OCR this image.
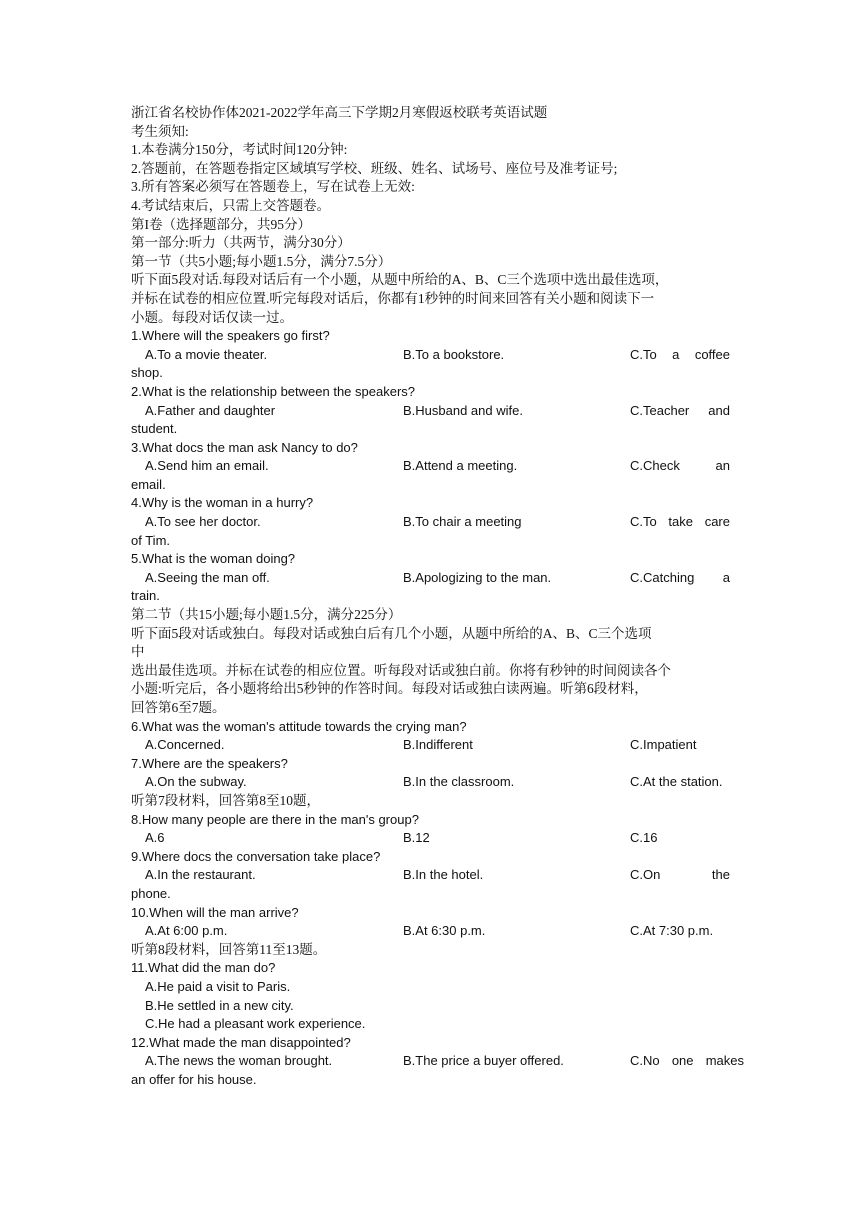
浙江省名校协作体2021-2022学年高三下学期2月寒假返校联考英语试题
考生须知:
1.本卷满分150分，考试时间120分钟:
2.答题前，在答题卷指定区域填写学校、班级、姓名、试场号、座位号及准考证号;
3.所有答案必须写在答题卷上，写在试卷上无效:
4.考试结束后，只需上交答题卷。
第I卷（选择题部分，共95分）
第一部分:听力（共两节，满分30分）
第一节（共5小题;每小题1.5分，满分7.5分）
听下面5段对话.每段对话后有一个小题，从题中所给的A、B、C三个选项中选出最佳选项，
并标在试卷的相应位置.听完每段对话后，你都有1秒钟的时间来回答有关小题和阅读下一
小题。每段对话仅读一过。
1.Where will the speakers go first?
A.To a movie theater.	B.To a bookstore.	C.To a coffee
shop.
2.What is the relationship between the speakers?
A.Father and daughter	B.Husband and wife.	C.Teacher and
student.
3.What docs the man ask Nancy to do?
A.Send him an email.	B.Attend a meeting.	C.Check	an
email.
4.Why is the woman in a hurry?
A.To see her doctor.	B.To chair a meeting	C.To take care
of Tim.
5.What is the woman doing?
A.Seeing the man off.	B.Apologizing to the man.	C.Catching a
train.
第二节（共15小题;每小题1.5分，满分225分）
听下面5段对话或独白。每段对话或独白后有几个小题，从题中所给的A、B、C三个选项
中
选出最佳选项。并标在试卷的相应位置。听每段对话或独白前。你将有秒钟的时间阅读各个
小题:听完后，各小题将给出5秒钟的作答时间。每段对话或独白读两遍。听第6段材料，
回答第6至7题。
6.What was the woman's attitude towards the crying man?
A.Concerned.	B.Indifferent	C.Impatient
7.Where are the speakers?
A.On the subway.	B.In the classroom.	C.At the station.
听第7段材料，回答第8至10题，
8.How many people are there in the man's group?
A.6	B.12	C.16
9.Where docs the conversation take place?
A.In the restaurant.	B.In the hotel.	C.On	the
phone.
10.When will the man arrive?
A.At 6:00 p.m.	B.At 6:30 p.m.	C.At 7:30 p.m.
听第8段材料，回答第11至13题。
11.What did the man do?
A.He paid a visit to Paris.
B.He settled in a new city.
C.He had a pleasant work experience.
12.What made the man disappointed?
A.The news the woman brought.	B.The price a buyer offered.	C.No one makes
an offer for his house.
